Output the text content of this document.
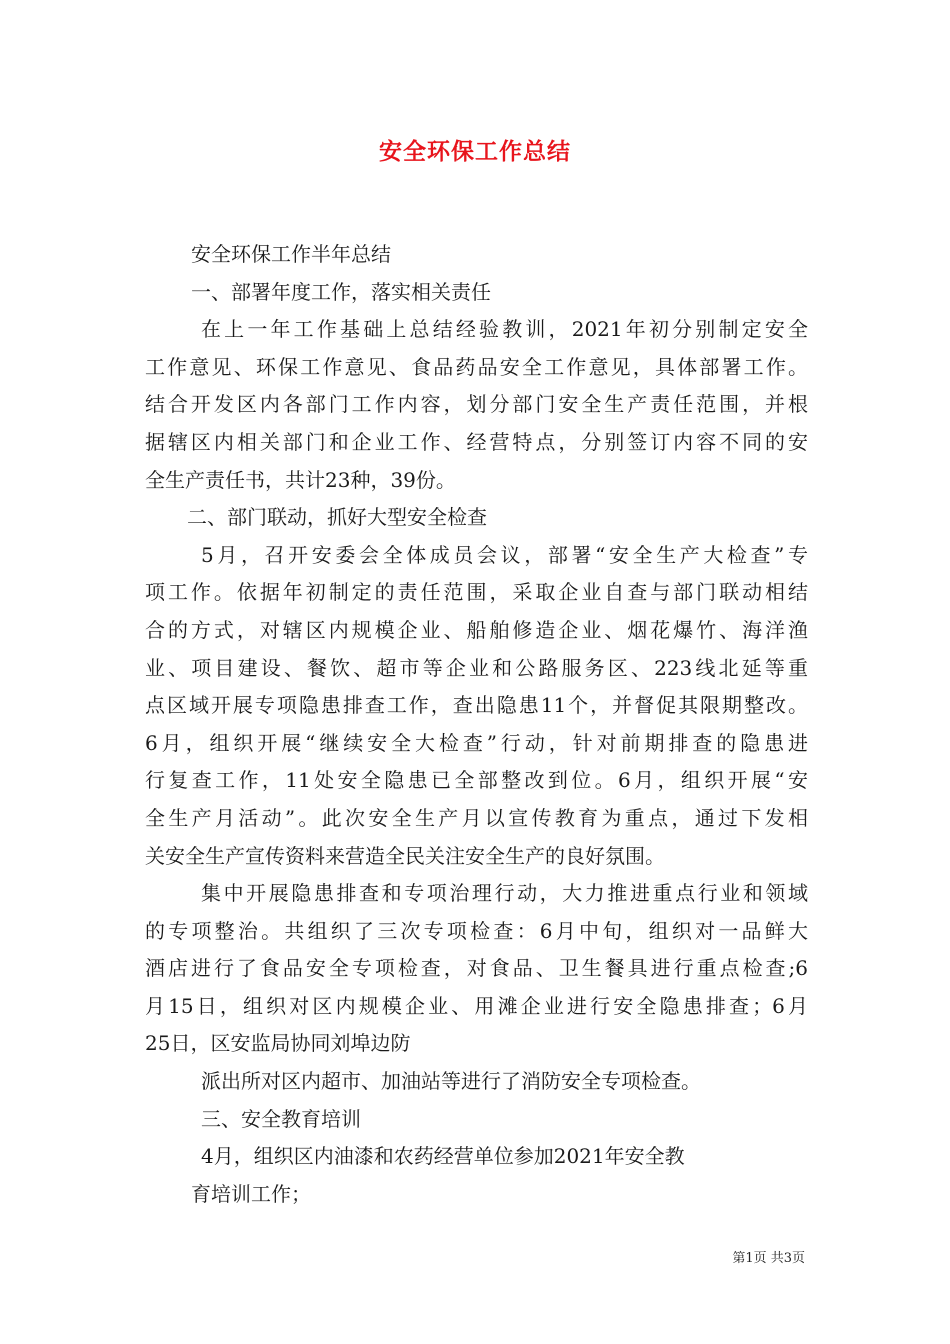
安全环保工作总结
安全环保工作半年总结
一、部署年度工作，落实相关责任
在上一年工作基础上总结经验教训，2021年初分别制定安全
工作意见、环保工作意见、食品药品安全工作意见，具体部署工作。
结合开发区内各部门工作内容，划分部门安全生产责任范围，并根
据辖区内相关部门和企业工作、经营特点，分别签订内容不同的安
全生产责任书，共计23种，39份。
二、部门联动，抓好大型安全检查
5月，召开安委会全体成员会议，部署“安全生产大检查”专
项工作。依据年初制定的责任范围，采取企业自查与部门联动相结
合的方式，对辖区内规模企业、船舶修造企业、烟花爆竹、海洋渔
业、项目建设、餐饮、超市等企业和公路服务区、223线北延等重
点区域开展专项隐患排查工作，查出隐患11个，并督促其限期整改。
6月，组织开展“继续安全大检查”行动，针对前期排查的隐患进
行复查工作，11处安全隐患已全部整改到位。6月，组织开展“安
全生产月活动”。此次安全生产月以宣传教育为重点，通过下发相
关安全生产宣传资料来营造全民关注安全生产的良好氛围。
集中开展隐患排查和专项治理行动，大力推进重点行业和领域
的专项整治。共组织了三次专项检查：6月中旬，组织对一品鲜大
酒店进行了食品安全专项检查，对食品、卫生餐具进行重点检查;6
月15日，组织对区内规模企业、用滩企业进行安全隐患排查；6月
25日，区安监局协同刘埠边防
派出所对区内超市、加油站等进行了消防安全专项检查。
三、安全教育培训
4月，组织区内油漆和农药经营单位参加2021年安全教
育培训工作；
第1页 共3页
